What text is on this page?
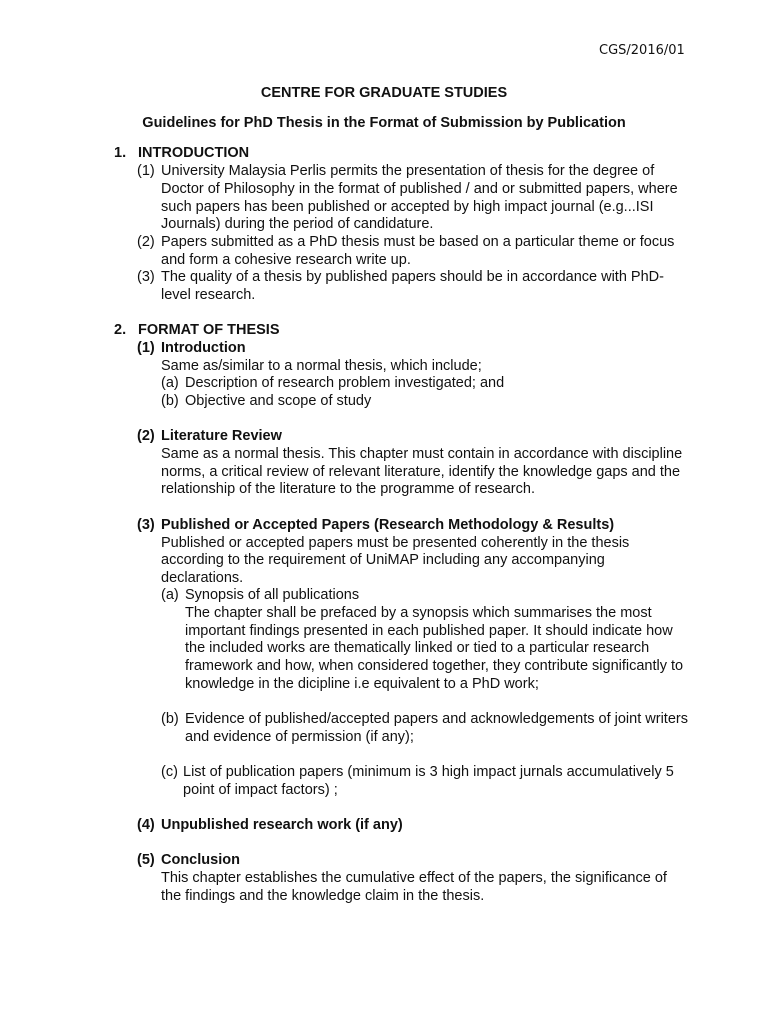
CGS/2016/01
CENTRE FOR GRADUATE STUDIES
Guidelines for PhD Thesis in the Format of Submission by Publication
1. INTRODUCTION
(1) University Malaysia Perlis permits the presentation of thesis for the degree of
Doctor of Philosophy in the format of published / and or submitted papers, where
such papers has been published or accepted by high impact journal (e.g...ISI
Journals) during the period of candidature.
(2) Papers submitted as a PhD thesis must be based on a particular theme or focus
and form a cohesive research write up.
(3) The quality of a thesis by published papers should be in accordance with PhD-
level research.
2. FORMAT OF THESIS
(1) Introduction
Same as/similar to a normal thesis, which include;
(a) Description of research problem investigated; and
(b) Objective and scope of study
(2) Literature Review
Same as a normal thesis. This chapter must contain in accordance with discipline
norms, a critical review of relevant literature, identify the knowledge gaps and the
relationship of the literature to the programme of research.
(3) Published or Accepted Papers (Research Methodology & Results)
Published or accepted papers must be presented coherently in the thesis
according to the requirement of UniMAP including any accompanying
declarations.
(a) Synopsis of all publications
The chapter shall be prefaced by a synopsis which summarises the most
important findings presented in each published paper. It should indicate how
the included works are thematically linked or tied to a particular research
framework and how, when considered together, they contribute significantly to
knowledge in the dicipline i.e equivalent to a PhD work;
(b) Evidence of published/accepted papers and acknowledgements of joint writers
and evidence of permission (if any);
(c) List of publication papers (minimum is 3 high impact jurnals accumulatively 5
point of impact factors) ;
(4) Unpublished research work (if any)
(5) Conclusion
This chapter establishes the cumulative effect of the papers, the significance of
the findings and the knowledge claim in the thesis.
